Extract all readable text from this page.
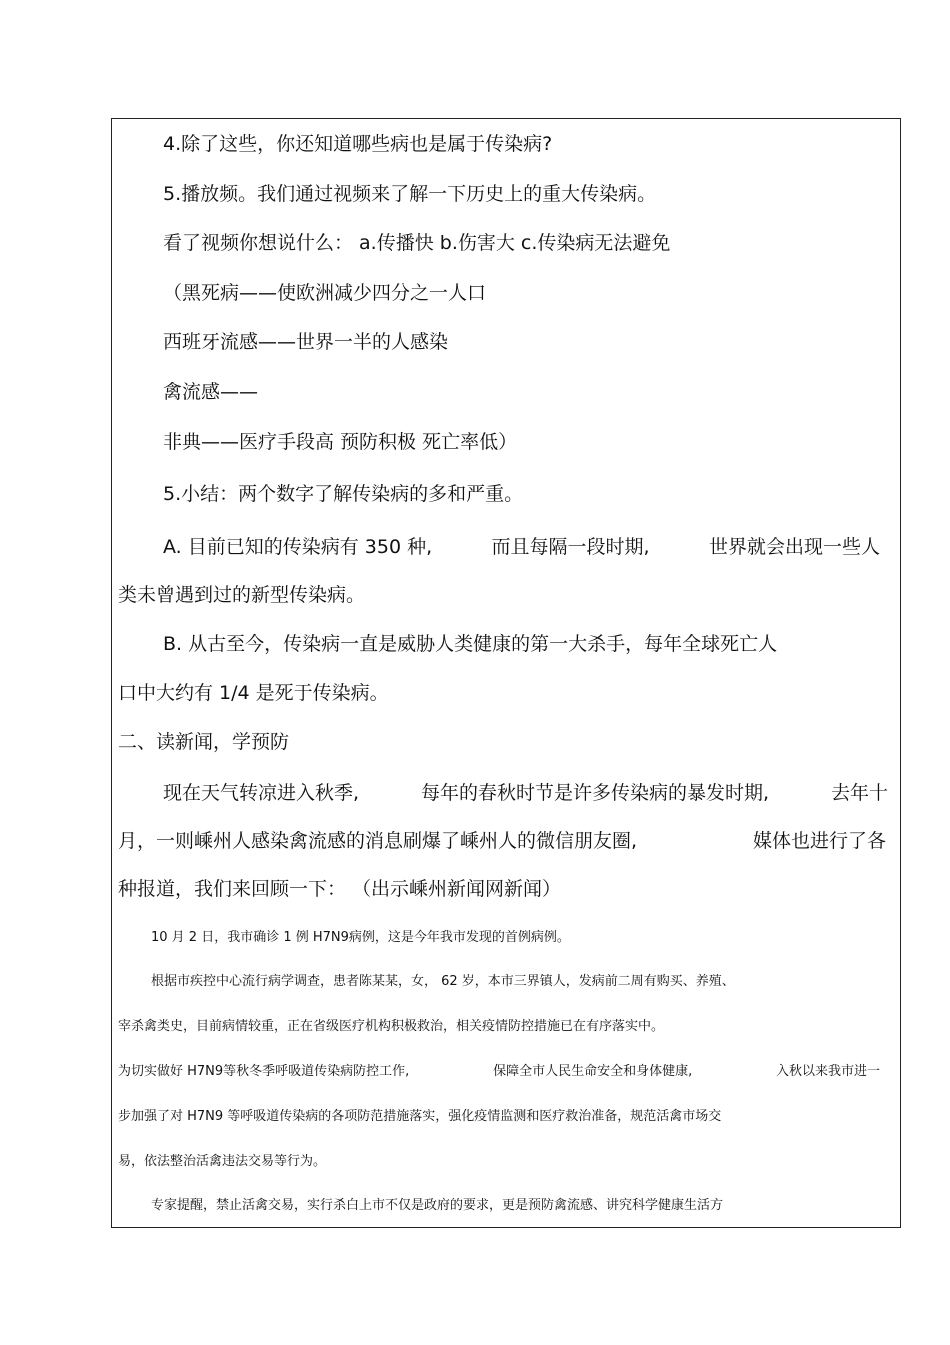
4.除了这些，你还知道哪些病也是属于传染病?

5.播放频。我们通过视频来了解一下历史上的重大传染病。

看了视频你想说什么： a.传播快 b.伤害大 c.传染病无法避免

（黑死病——使欧洲减少四分之一人口

西班牙流感——世界一半的人感染

禽流感——

非典——医疗手段高 预防积极 死亡率低）

5.小结：两个数字了解传染病的多和严重。

A. 目前已知的传染病有 350 种,	而且每隔一段时期,	世界就会出现一些人

类未曾遇到过的新型传染病。

B. 从古至今，传染病一直是威胁人类健康的第一大杀手，每年全球死亡人

口中大约有 1/4 是死于传染病。

二、读新闻，学预防

现在天气转凉进入秋季,	每年的春秋时节是许多传染病的暴发时期,	去年十
月，一则嵊州人感染禽流感的消息刷爆了嵊州人的微信朋友圈,	媒体也进行了各

种报道，我们来回顾一下： （出示嵊州新闻网新闻）

10 月 2 日，我市确诊 1 例 H7N9病例，这是今年我市发现的首例病例。

根据市疾控中心流行病学调查，患者陈某某，女， 62 岁，本市三界镇人，发病前二周有购买、养殖、

宰杀禽类史，目前病情较重，正在省级医疗机构积极救治，相关疫情防控措施已在有序落实中。

为切实做好 H7N9等秋冬季呼吸道传染病防控工作,	保障全市人民生命安全和身体健康,	入秋以来我市进一

步加强了对 H7N9 等呼吸道传染病的各项防范措施落实，强化疫情监测和医疗救治准备，规范活禽市场交

易，依法整治活禽违法交易等行为。

专家提醒，禁止活禽交易，实行杀白上市不仅是政府的要求，更是预防禽流感、讲究科学健康生活方
